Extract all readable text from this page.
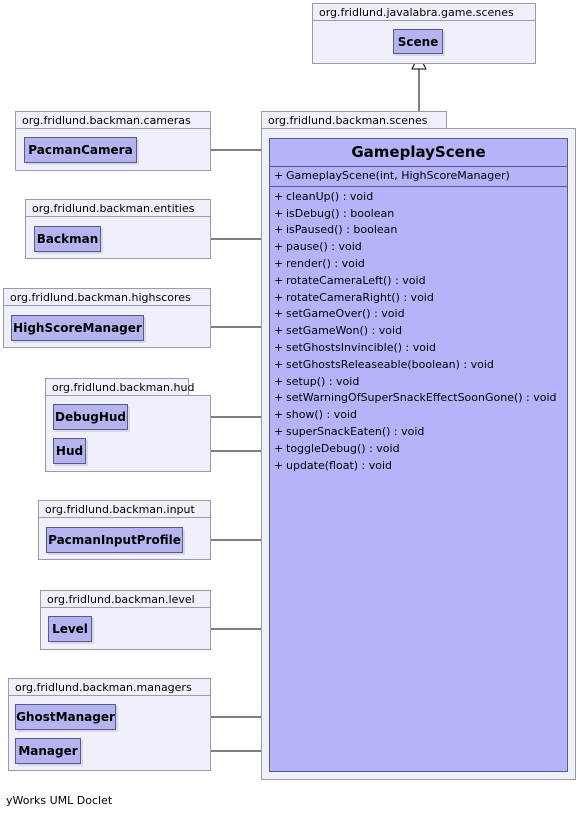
org.fridlund.javalabra.game.scenes
Scene
org.fridlund.backman.scenes
GameplayScene
+ GameplayScene(int, HighScoreManager)
+ cleanUp() : void
+ isDebug() : boolean
+ isPaused() : boolean
+ pause() : void
+ render() : void
+ rotateCameraLeft() : void
+ rotateCameraRight() : void
+ setGameOver() : void
+ setGameWon() : void
+ setGhostsInvincible() : void
+ setGhostsReleaseable(boolean) : void
+ setup() : void
+ setWarningOfSuperSnackEffectSoonGone() : void
+ show() : void
+ superSnackEaten() : void
+ toggleDebug() : void
+ update(float) : void
org.fridlund.backman.cameras
PacmanCamera
org.fridlund.backman.entities
Backman
org.fridlund.backman.highscores
HighScoreManager
org.fridlund.backman.hud
DebugHud
Hud
org.fridlund.backman.input
PacmanInputProfile
org.fridlund.backman.level
Level
org.fridlund.backman.managers
GhostManager
Manager
yWorks UML Doclet
